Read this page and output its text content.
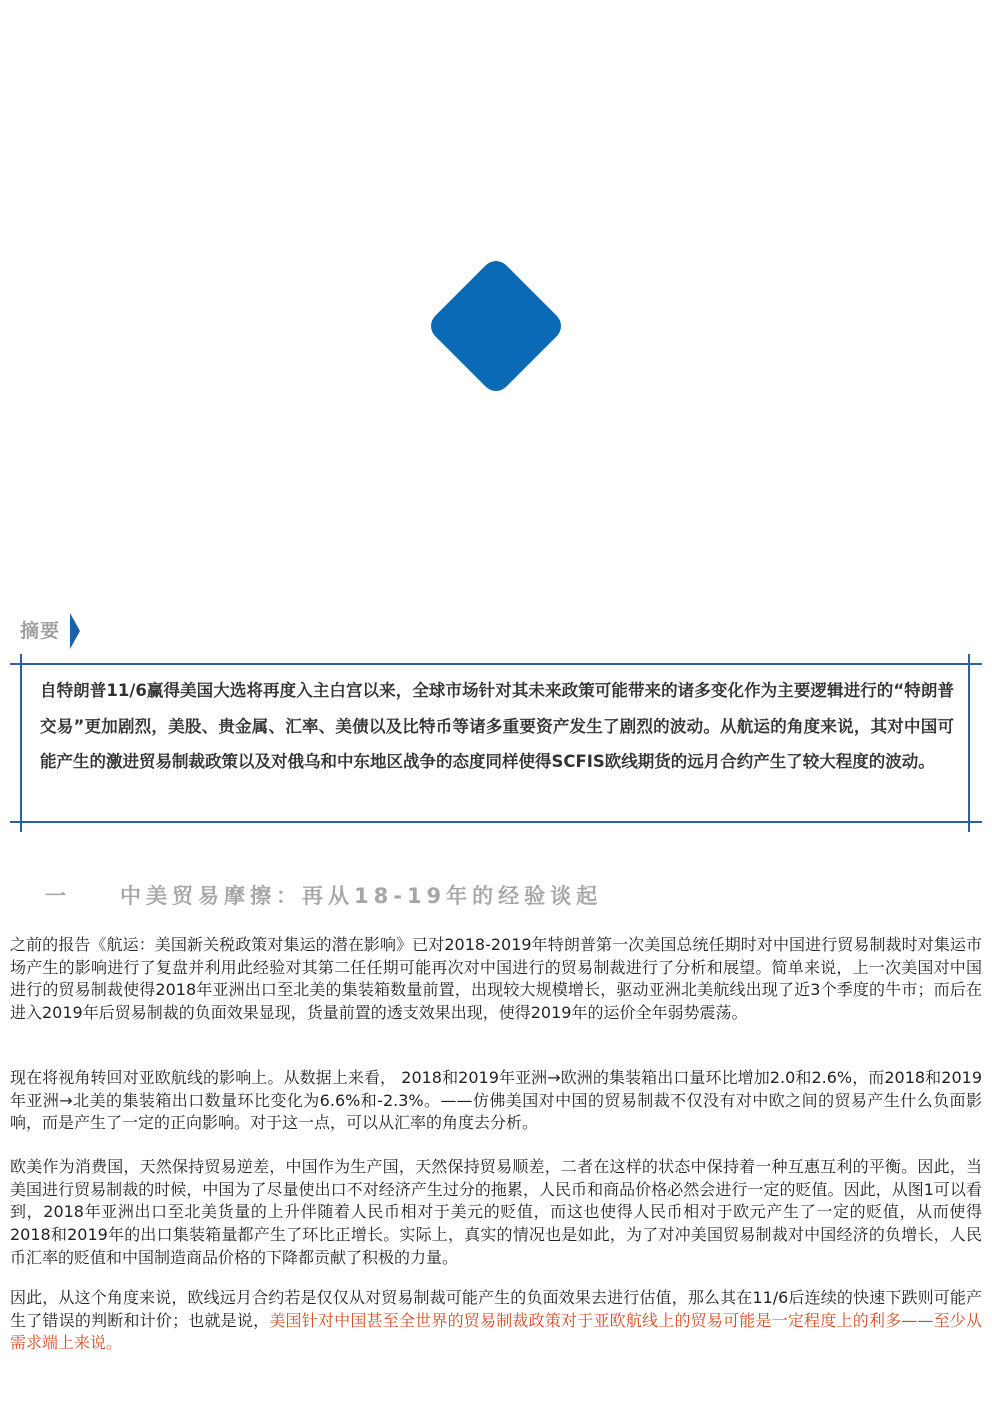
摘要

自特朗普11/6赢得美国大选将再度入主白宫以来，全球市场针对其未来政策可能带来的诸多变化作为主要逻辑进行的“特朗普交易”更加剧烈，美股、贵金属、汇率、美债以及比特币等诸多重要资产发生了剧烈的波动。从航运的角度来说，其对中国可能产生的激进贸易制裁政策以及对俄乌和中东地区战争的态度同样使得SCFIS欧线期货的远月合约产生了较大程度的波动。

一 中美贸易摩擦：再从18-19年的经验谈起

之前的报告《航运：美国新关税政策对集运的潜在影响》已对2018-2019年特朗普第一次美国总统任期时对中国进行贸易制裁时对集运市场产生的影响进行了复盘并利用此经验对其第二任任期可能再次对中国进行的贸易制裁进行了分析和展望。简单来说，上一次美国对中国进行的贸易制裁使得2018年亚洲出口至北美的集装箱数量前置，出现较大规模增长，驱动亚洲北美航线出现了近3个季度的牛市；而后在进入2019年后贸易制裁的负面效果显现，货量前置的透支效果出现，使得2019年的运价全年弱势震荡。

现在将视角转回对亚欧航线的影响上。从数据上来看， 2018和2019年亚洲→欧洲的集装箱出口量环比增加2.0和2.6%，而2018和2019年亚洲→北美的集装箱出口数量环比变化为6.6%和-2.3%。——仿佛美国对中国的贸易制裁不仅没有对中欧之间的贸易产生什么负面影响，而是产生了一定的正向影响。对于这一点，可以从汇率的角度去分析。

欧美作为消费国，天然保持贸易逆差，中国作为生产国，天然保持贸易顺差，二者在这样的状态中保持着一种互惠互利的平衡。因此，当美国进行贸易制裁的时候，中国为了尽量使出口不对经济产生过分的拖累，人民币和商品价格必然会进行一定的贬值。因此，从图1可以看到，2018年亚洲出口至北美货量的上升伴随着人民币相对于美元的贬值，而这也使得人民币相对于欧元产生了一定的贬值，从而使得2018和2019年的出口集装箱量都产生了环比正增长。实际上，真实的情况也是如此，为了对冲美国贸易制裁对中国经济的负增长，人民币汇率的贬值和中国制造商品价格的下降都贡献了积极的力量。

因此，从这个角度来说，欧线远月合约若是仅仅从对贸易制裁可能产生的负面效果去进行估值，那么其在11/6后连续的快速下跌则可能产生了错误的判断和计价；也就是说，美国针对中国甚至全世界的贸易制裁政策对于亚欧航线上的贸易可能是一定程度上的利多——至少从需求端上来说。
